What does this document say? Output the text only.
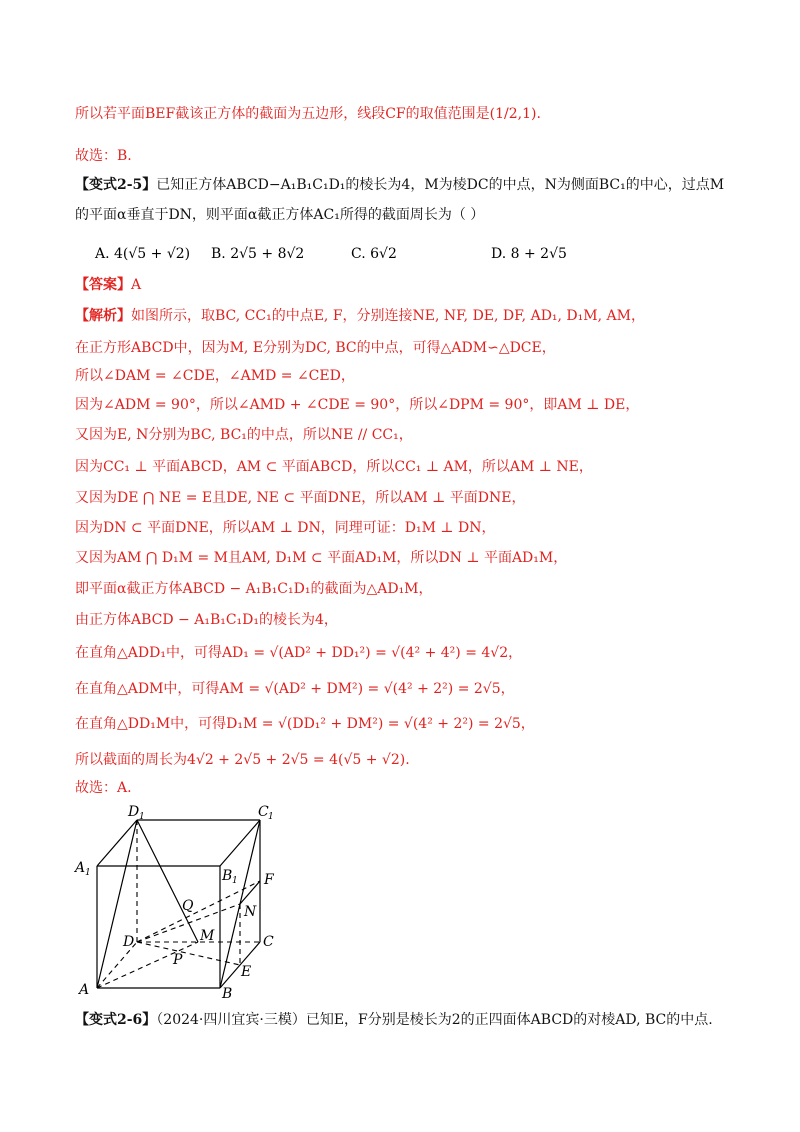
所以若平面BEF截该正方体的截面为五边形，线段CF的取值范围是(1/2,1).
故选：B.
【变式2-5】已知正方体ABCD−A₁B₁C₁D₁的棱长为4，M为棱DC的中点，N为侧面BC₁的中心，过点M
的平面α垂直于DN，则平面α截正方体AC₁所得的截面周长为（ ）
A. 4(√5 + √2) B. 2√5 + 8√2	C. 6√2	D. 8 + 2√5
【答案】A
【解析】如图所示，取BC, CC₁的中点E, F，分别连接NE, NF, DE, DF, AD₁, D₁M, AM，
在正方形ABCD中，因为M, E分别为DC, BC的中点，可得△ADM∽△DCE，
所以∠DAM = ∠CDE，∠AMD = ∠CED，
因为∠ADM = 90°，所以∠AMD + ∠CDE = 90°，所以∠DPM = 90°，即AM ⊥ DE，
又因为E, N分别为BC, BC₁的中点，所以NE // CC₁，
因为CC₁ ⊥ 平面ABCD，AM ⊂ 平面ABCD，所以CC₁ ⊥ AM，所以AM ⊥ NE，
又因为DE ⋂ NE = E且DE, NE ⊂ 平面DNE，所以AM ⊥ 平面DNE，
因为DN ⊂ 平面DNE，所以AM ⊥ DN，同理可证：D₁M ⊥ DN，
又因为AM ⋂ D₁M = M且AM, D₁M ⊂ 平面AD₁M，所以DN ⊥ 平面AD₁M，
即平面α截正方体ABCD − A₁B₁C₁D₁的截面为△AD₁M，
由正方体ABCD − A₁B₁C₁D₁的棱长为4，
在直角△ADD₁中，可得AD₁ = √(AD² + DD₁²) = √(4² + 4²) = 4√2，
在直角△ADM中，可得AM = √(AD² + DM²) = √(4² + 2²) = 2√5，
在直角△DD₁M中，可得D₁M = √(DD₁² + DM²) = √(4² + 2²) = 2√5，
所以截面的周长为4√2 + 2√5 + 2√5 = 4(√5 + √2).
故选：A.
D 1	C 1
A 1	B 1 F
N
Q
D	M	C
P
E
A	B
【变式2-6】（2024·四川宜宾·三模）已知E，F分别是棱长为2的正四面体ABCD的对棱AD, BC的中点.
